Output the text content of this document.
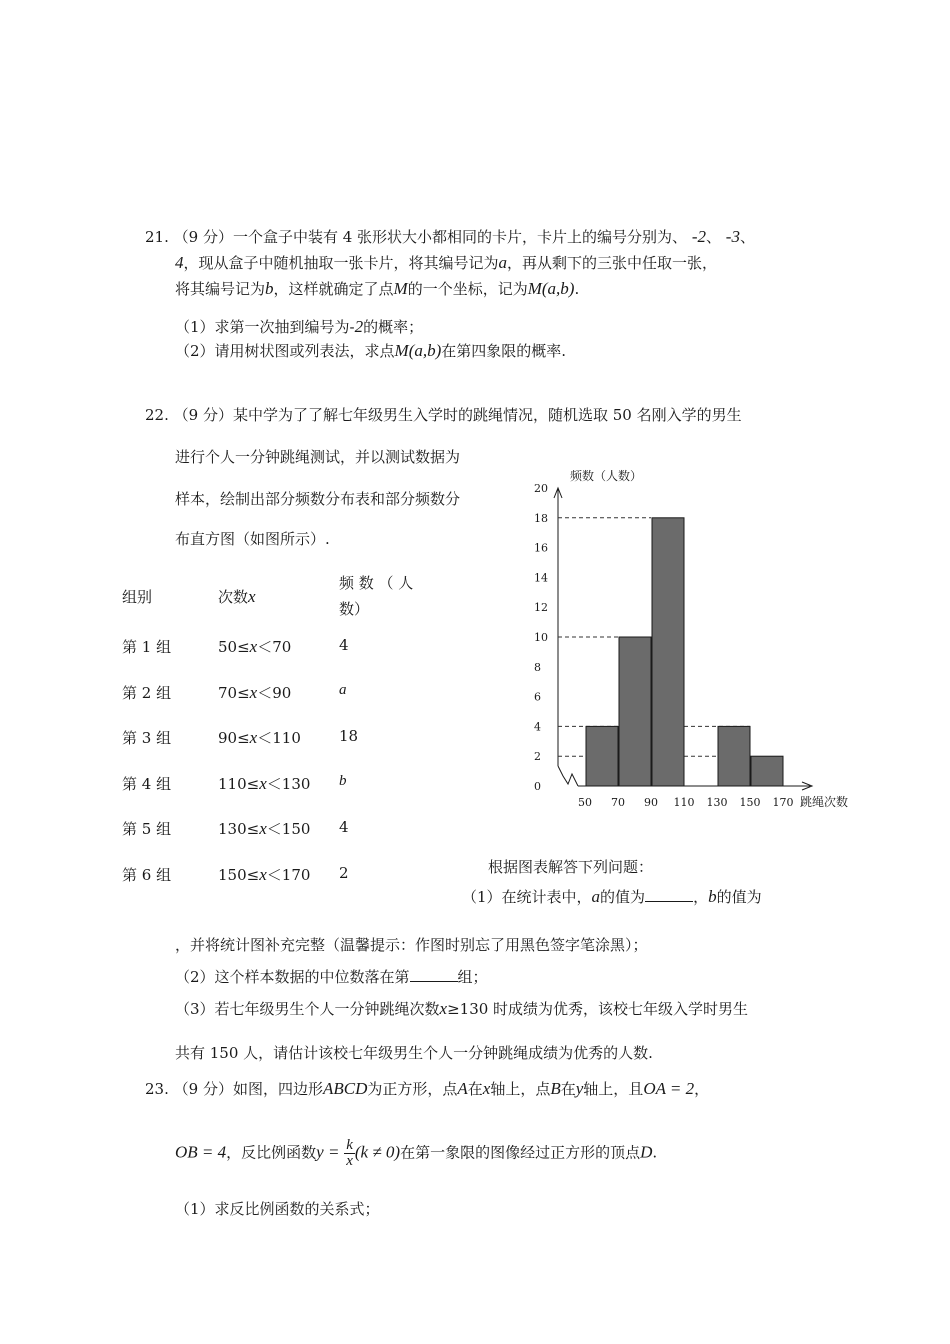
21. （9 分）一个盒子中装有 4 张形状大小都相同的卡片，卡片上的编号分别为、 -2、 -3、
4，现从盒子中随机抽取一张卡片，将其编号记为a，再从剩下的三张中任取一张，
将其编号记为b，这样就确定了点M的一个坐标，记为M(a,b).
（1）求第一次抽到编号为-2的概率；
（2）请用树状图或列表法，求点M(a,b)在第四象限的概率.
22. （9 分）某中学为了了解七年级男生入学时的跳绳情况，随机选取 50 名刚入学的男生
进行个人一分钟跳绳测试，并以测试数据为
样本，绘制出部分频数分布表和部分频数分
布直方图（如图所示）.
组别	次数x
频 数 （ 人
数）
第 1 组	50≤x＜70	4
第 2 组	70≤x＜90	a
第 3 组	90≤x＜110	18
第 4 组	110≤x＜130 b
第 5 组	130≤x＜150 4
第 6 组	150≤x＜170 2
0
2
4
6
8
10
12
14
16
18
20
50 70 90 110 130 150 170
频数（人数）
跳绳次数
根据图表解答下列问题：
（1）在统计表中，a的值为	，b的值为
，并将统计图补充完整（温馨提示：作图时别忘了用黑色签字笔涂黑）；
（2）这个样本数据的中位数落在第	组；
（3）若七年级男生个人一分钟跳绳次数x≥130 时成绩为优秀，该校七年级入学时男生
共有 150 人，请估计该校七年级男生个人一分钟跳绳成绩为优秀的人数.
23. （9 分）如图，四边形ABCD为正方形，点A在x轴上，点B在y轴上，且OA = 2，
OB = 4，反比例函数$y = \frac{k}{x} (k \ne 0)$在第一象限的图像经过正方形的顶点D.
（1）求反比例函数的关系式；
